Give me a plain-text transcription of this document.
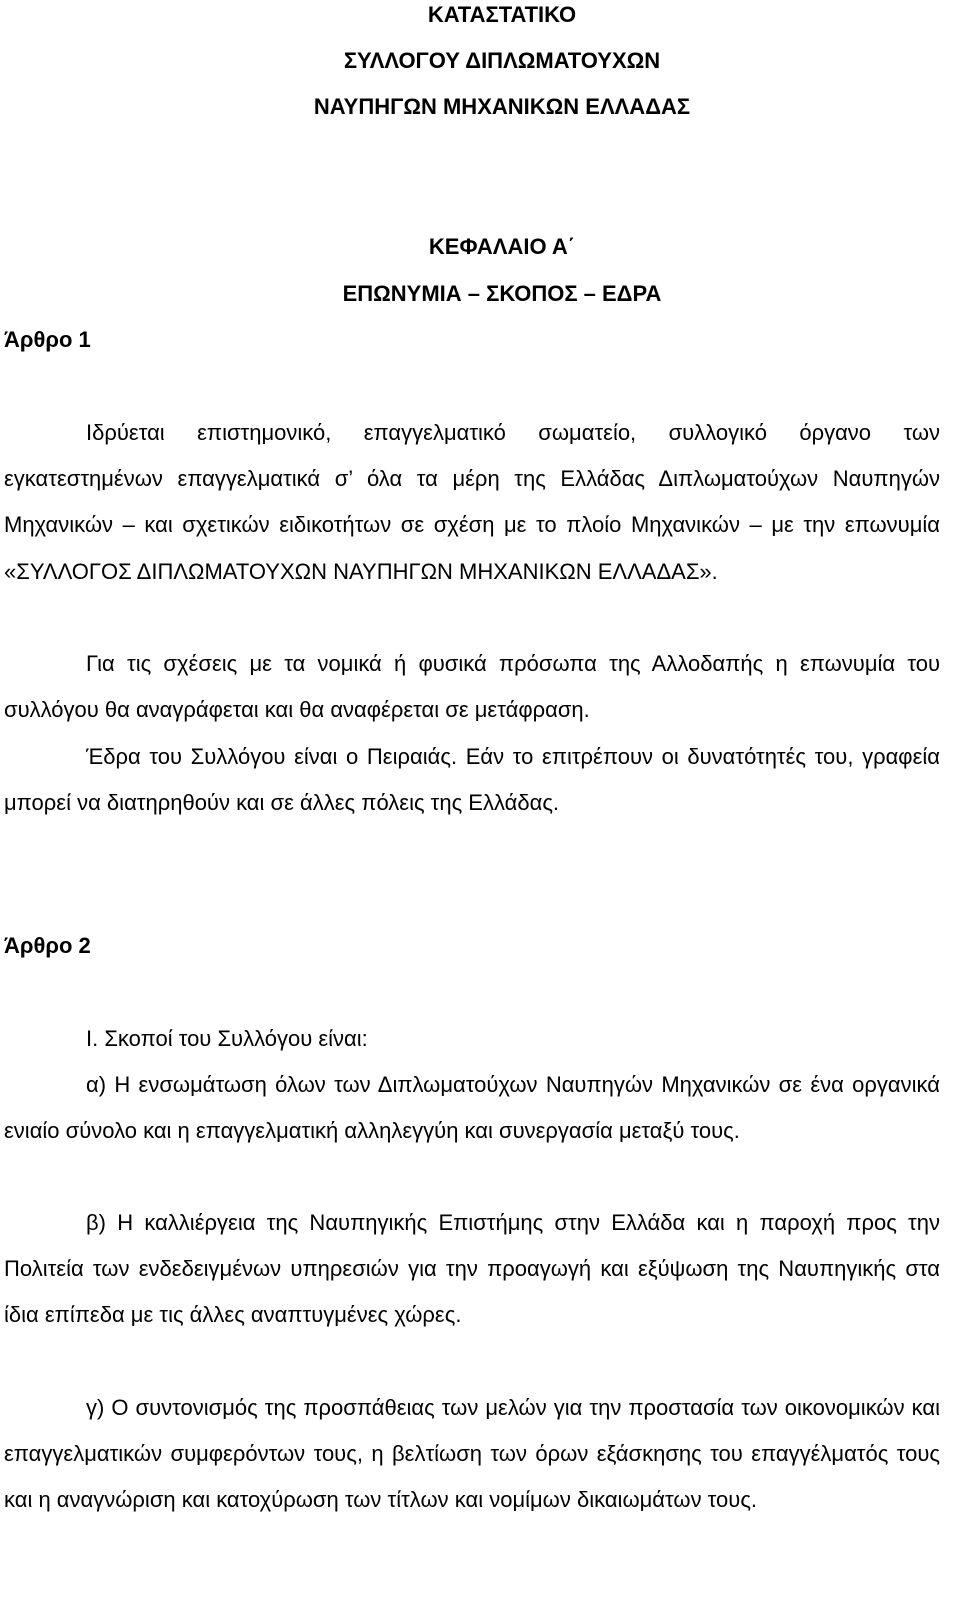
ΚΑΤΑΣΤΑΤΙΚΟ
ΣΥΛΛΟΓΟΥ ΔΙΠΛΩΜΑΤΟΥΧΩΝ
ΝΑΥΠΗΓΩΝ ΜΗΧΑΝΙΚΩΝ ΕΛΛΑΔΑΣ
ΚΕΦΑΛΑΙΟ Α΄
ΕΠΩΝΥΜΙΑ – ΣΚΟΠΟΣ – ΕΔΡΑ
Άρθρο 1

Ιδρύεται επιστημονικό, επαγγελματικό σωματείο, συλλογικό όργανο των εγκατεστημένων επαγγελματικά σ’ όλα τα μέρη της Ελλάδας Διπλωματούχων Ναυπηγών Μηχανικών – και σχετικών ειδικοτήτων σε σχέση με το πλοίο Μηχανικών – με την επωνυμία «ΣΥΛΛΟΓΟΣ ΔΙΠΛΩΜΑΤΟΥΧΩΝ ΝΑΥΠΗΓΩΝ ΜΗΧΑΝΙΚΩΝ ΕΛΛΑΔΑΣ».

Για τις σχέσεις με τα νομικά ή φυσικά πρόσωπα της Αλλοδαπής η επωνυμία του συλλόγου θα αναγράφεται και θα αναφέρεται σε μετάφραση.

Έδρα του Συλλόγου είναι ο Πειραιάς. Εάν το επιτρέπουν οι δυνατότητές του, γραφεία μπορεί να διατηρηθούν και σε άλλες πόλεις της Ελλάδας.

Άρθρο 2
Ι. Σκοποί του Συλλόγου είναι:

α) Η ενσωμάτωση όλων των Διπλωματούχων Ναυπηγών Μηχανικών σε ένα οργανικά ενιαίο σύνολο και η επαγγελματική αλληλεγγύη και συνεργασία μεταξύ τους.

β) Η καλλιέργεια της Ναυπηγικής Επιστήμης στην Ελλάδα και η παροχή προς την Πολιτεία των ενδεδειγμένων υπηρεσιών για την προαγωγή και εξύψωση της Ναυπηγικής στα ίδια επίπεδα με τις άλλες αναπτυγμένες χώρες.

γ) Ο συντονισμός της προσπάθειας των μελών για την προστασία των οικονομικών και επαγγελματικών συμφερόντων τους, η βελτίωση των όρων εξάσκησης του επαγγέλματός τους και η αναγνώριση και κατοχύρωση των τίτλων και νομίμων δικαιωμάτων τους.
